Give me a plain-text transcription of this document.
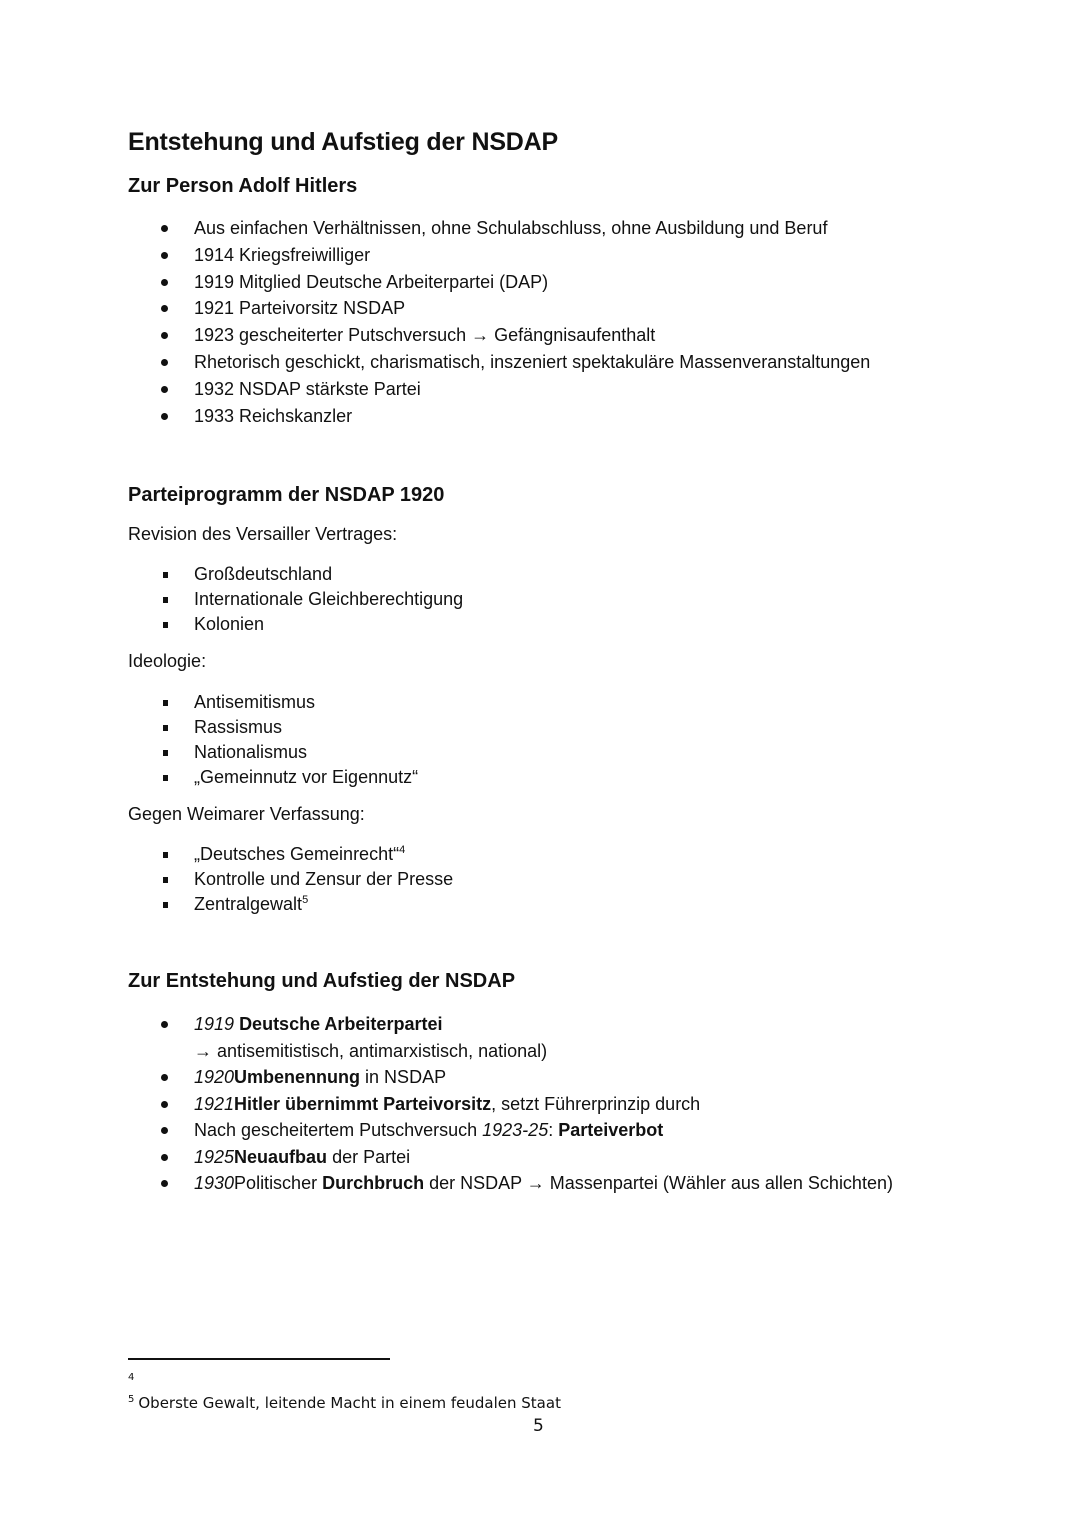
Entstehung und Aufstieg der NSDAP
Zur Person Adolf Hitlers
Aus einfachen Verhältnissen, ohne Schulabschluss, ohne Ausbildung und Beruf
1914 Kriegsfreiwilliger
1919 Mitglied Deutsche Arbeiterpartei (DAP)
1921 Parteivorsitz NSDAP
1923 gescheiterter Putschversuch → Gefängnisaufenthalt
Rhetorisch geschickt, charismatisch, inszeniert spektakuläre Massenveranstaltungen
1932 NSDAP stärkste Partei
1933 Reichskanzler
Parteiprogramm der NSDAP 1920

Revision des Versailler Vertrages:

Großdeutschland
Internationale Gleichberechtigung
Kolonien

Ideologie:

Antisemitismus
Rassismus
Nationalismus
„Gemeinnutz vor Eigennutz“

Gegen Weimarer Verfassung:

„Deutsches Gemeinrecht“$^4$
Kontrolle und Zensur der Presse
Zentralgewalt$^5$
Zur Entstehung und Aufstieg der NSDAP
1919 Deutsche Arbeiterpartei
→ antisemitistisch, antimarxistisch, national)
1920Umbenennung in NSDAP
1921Hitler übernimmt Parteivorsitz, setzt Führerprinzip durch
Nach gescheitertem Putschversuch 1923-25: Parteiverbot
1925Neuaufbau der Partei
1930Politischer Durchbruch der NSDAP → Massenpartei (Wähler aus allen Schichten)
$^4$
$^5$ Oberste Gewalt, leitende Macht in einem feudalen Staat
5
